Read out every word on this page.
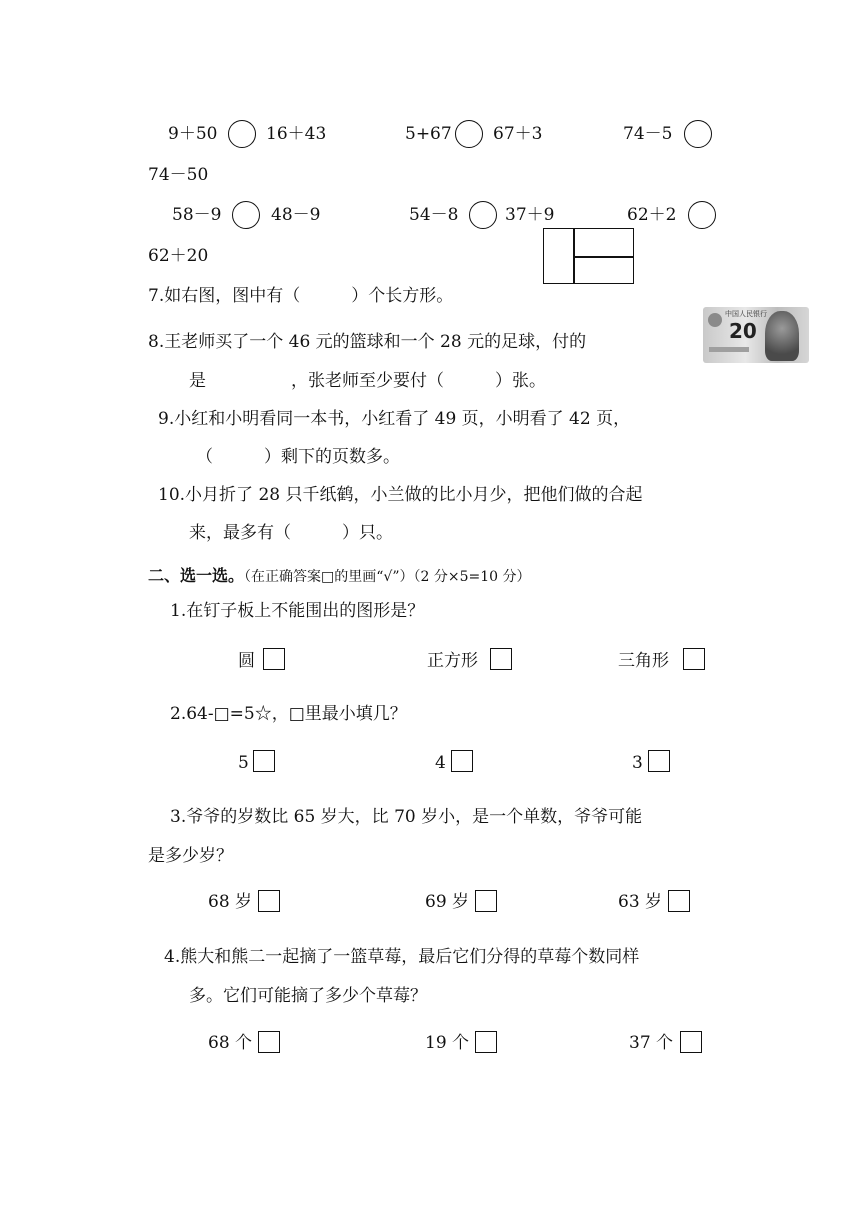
9＋50	16＋43	5+67 67＋3	74－5
74－50
58－9	48－9	54－8	37＋9	62＋2
62＋20
7.如右图，图中有（　　　）个长方形。
8.王老师买了一个 46 元的篮球和一个 28 元的足球，付的
是　　　　　，张老师至少要付（　　　）张。
中国人民银行
20
9.小红和小明看同一本书，小红看了 49 页，小明看了 42 页，
（　　　）剩下的页数多。
10.小月折了 28 只千纸鹤，小兰做的比小月少，把他们做的合起
来，最多有（　　　）只。
二、选一选。（在正确答案□的里画“√”）（2 分×5=10 分）
1.在钉子板上不能围出的图形是？
圆	正方形	三角形
2.64-□=5☆，□里最小填几？
5	4	3
3.爷爷的岁数比 65 岁大，比 70 岁小，是一个单数，爷爷可能
是多少岁？
68 岁	69 岁	63 岁
4.熊大和熊二一起摘了一篮草莓，最后它们分得的草莓个数同样
多。它们可能摘了多少个草莓？
68 个	19 个	37 个
